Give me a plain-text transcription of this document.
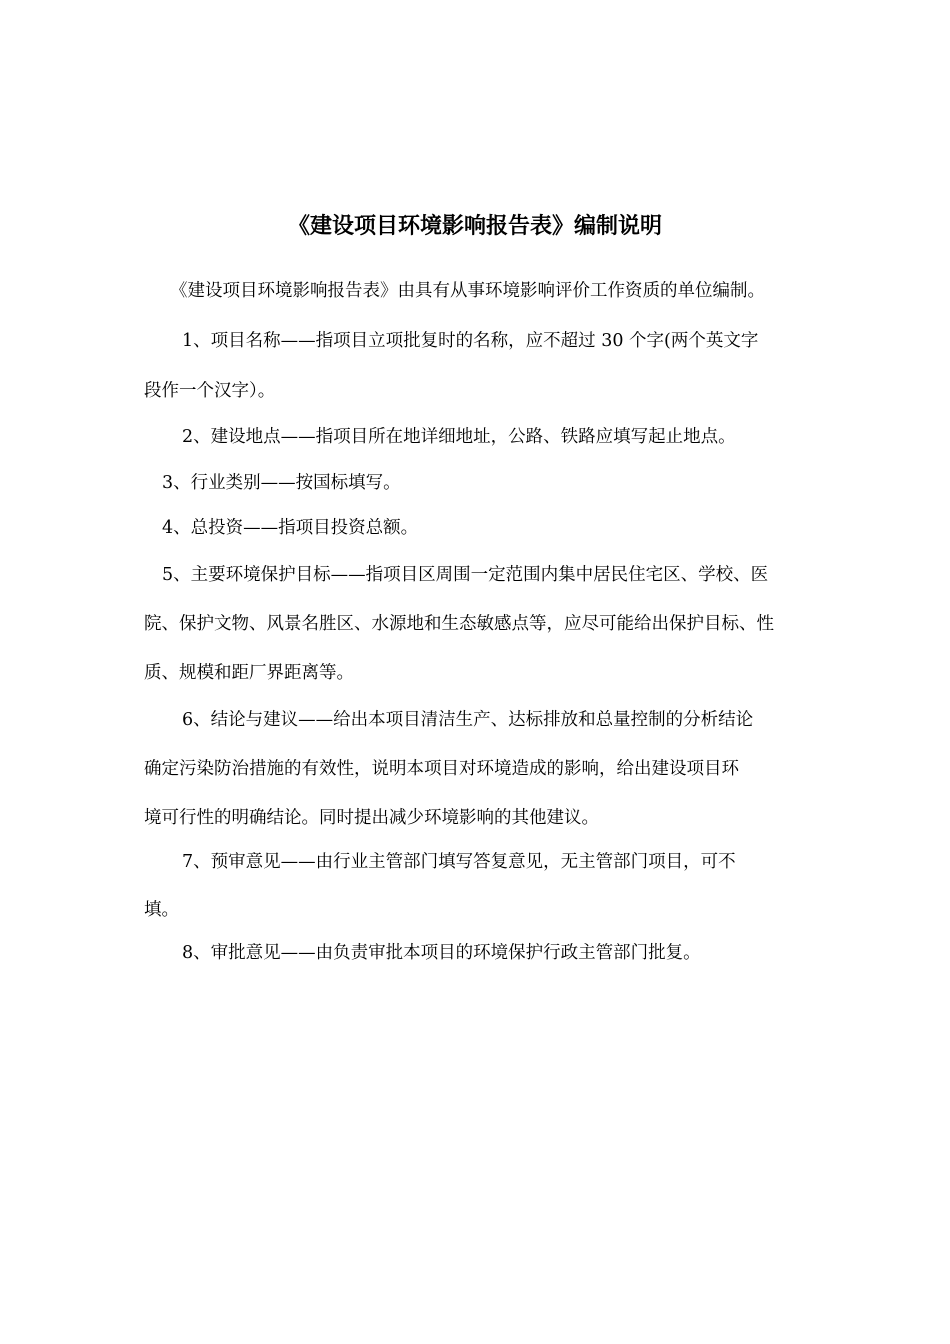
《建设项目环境影响报告表》编制说明

《建设项目环境影响报告表》由具有从事环境影响评价工作资质的单位编制。

1、项目名称——指项目立项批复时的名称，应不超过 30 个字(两个英文字

段作一个汉字）。

2、建设地点——指项目所在地详细地址，公路、铁路应填写起止地点。

3、行业类别——按国标填写。

4、总投资——指项目投资总额。

5、主要环境保护目标——指项目区周围一定范围内集中居民住宅区、学校、医

院、保护文物、风景名胜区、水源地和生态敏感点等，应尽可能给出保护目标、性

质、规模和距厂界距离等。

6、结论与建议——给出本项目清洁生产、达标排放和总量控制的分析结论

确定污染防治措施的有效性，说明本项目对环境造成的影响，给出建设项目环

境可行性的明确结论。同时提出减少环境影响的其他建议。

7、预审意见——由行业主管部门填写答复意见，无主管部门项目，可不

填。

8、审批意见——由负责审批本项目的环境保护行政主管部门批复。
